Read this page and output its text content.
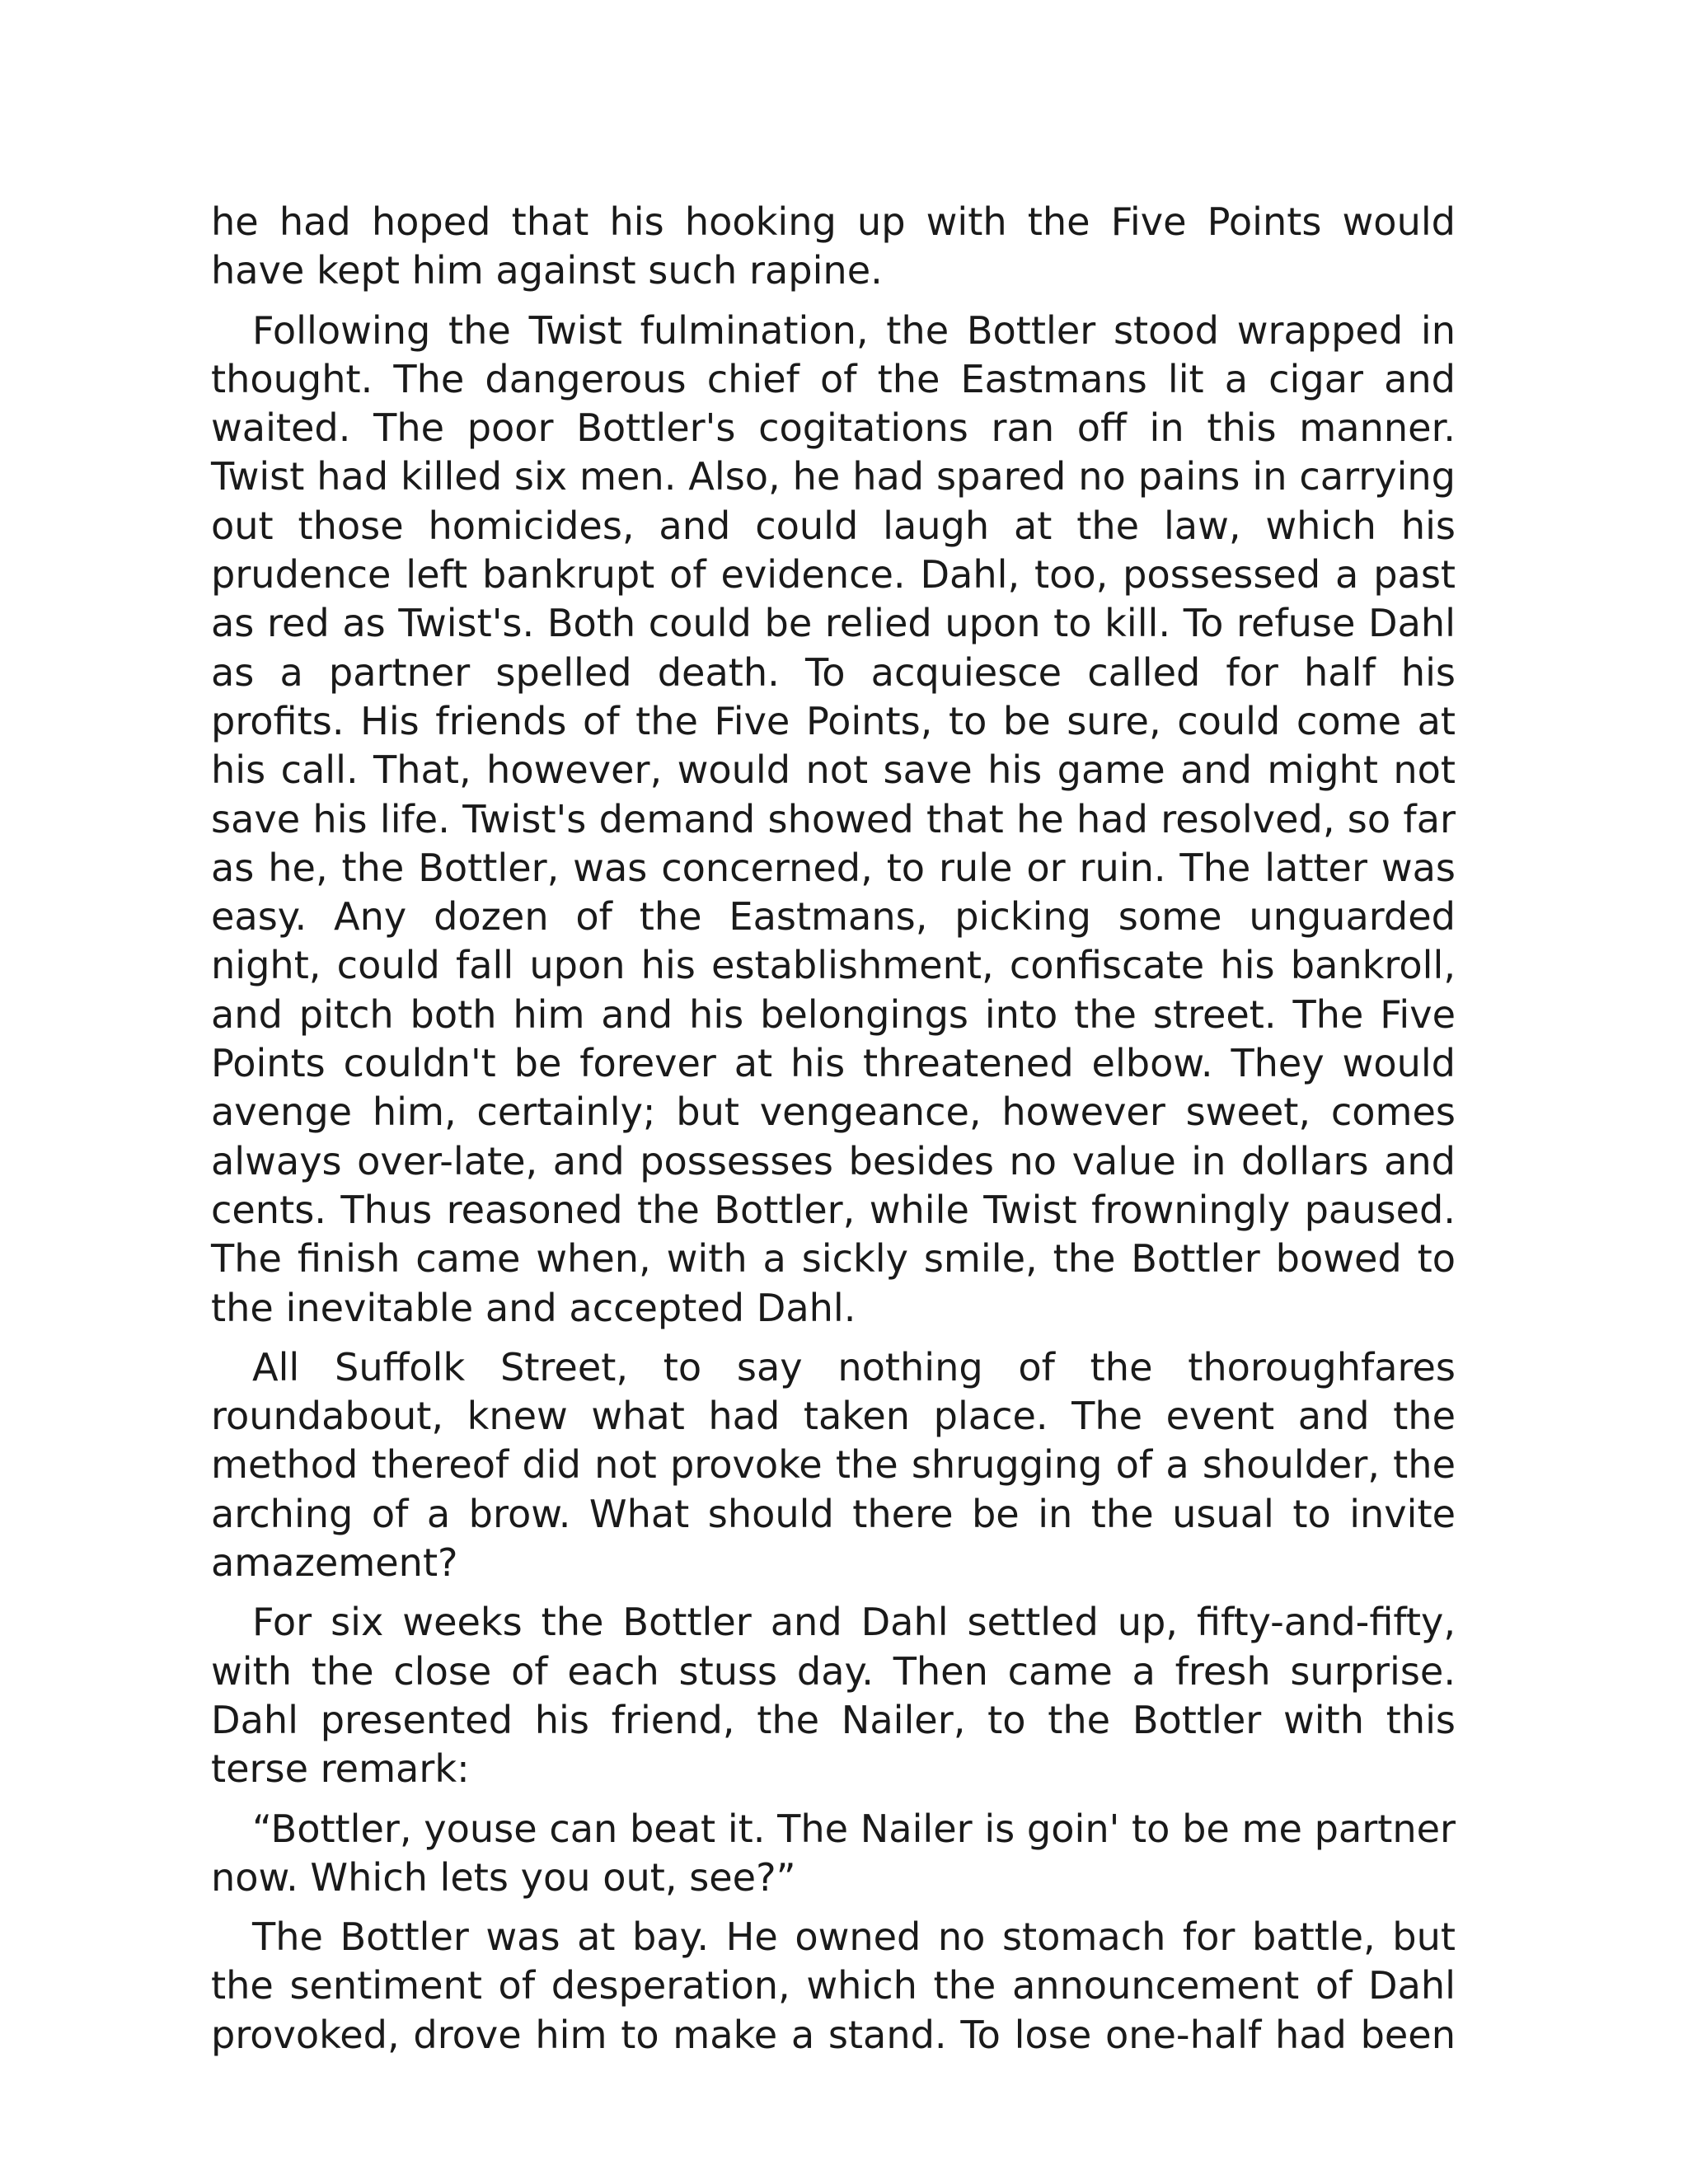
he had hoped that his hooking up with the Five Points would have kept him against such rapine.

Following the Twist fulmination, the Bottler stood wrapped in thought. The dangerous chief of the Eastmans lit a cigar and waited. The poor Bottler's cogitations ran off in this manner. Twist had killed six men. Also, he had spared no pains in carrying out those homicides, and could laugh at the law, which his prudence left bankrupt of evidence. Dahl, too, possessed a past as red as Twist's. Both could be relied upon to kill. To refuse Dahl as a partner spelled death. To acquiesce called for half his profits. His friends of the Five Points, to be sure, could come at his call. That, however, would not save his game and might not save his life. Twist's demand showed that he had resolved, so far as he, the Bottler, was concerned, to rule or ruin. The latter was easy. Any dozen of the Eastmans, picking some unguarded night, could fall upon his establishment, confiscate his bankroll, and pitch both him and his belongings into the street. The Five Points couldn't be forever at his threatened elbow. They would avenge him, certainly; but vengeance, however sweet, comes always over-late, and possesses besides no value in dollars and cents. Thus reasoned the Bottler, while Twist frowningly paused. The finish came when, with a sickly smile, the Bottler bowed to the inevitable and accepted Dahl.

All Suffolk Street, to say nothing of the thoroughfares roundabout, knew what had taken place. The event and the method thereof did not provoke the shrugging of a shoulder, the arching of a brow. What should there be in the usual to invite amazement?

For six weeks the Bottler and Dahl settled up, fifty-and-fifty, with the close of each stuss day. Then came a fresh surprise. Dahl presented his friend, the Nailer, to the Bottler with this terse remark:

“Bottler, youse can beat it. The Nailer is goin' to be me partner now. Which lets you out, see?”

The Bottler was at bay. He owned no stomach for battle, but the sentiment of desperation, which the announcement of Dahl provoked, drove him to make a stand. To lose one-half had been
